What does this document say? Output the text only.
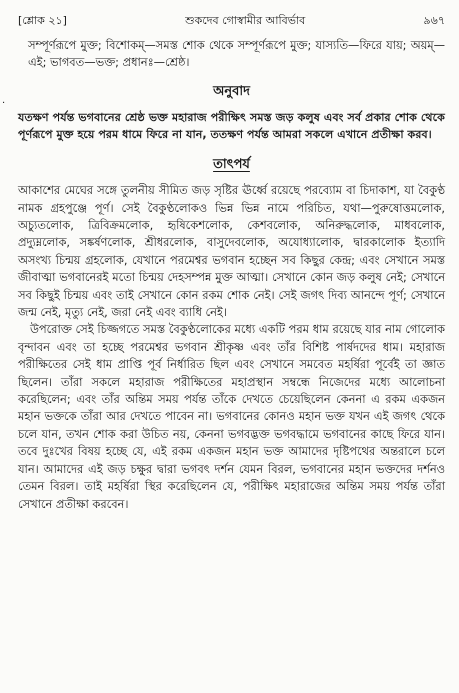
[শ্লোক ২১]	শুকদেব গোস্বামীর আবির্ভাব	৯৬৭
·

সম্পূর্ণরূপে মুক্ত; বিশোকম্—সমস্ত শোক থেকে সম্পূর্ণরূপে মুক্ত; যাস্যতি—ফিরে যায়; অয়ম্—এই; ভাগবত—ভক্ত; প্রধানঃ—শ্রেষ্ঠ।

অনুবাদ

যতক্ষণ পর্যন্ত ভগবানের শ্রেষ্ঠ ভক্ত মহারাজ পরীক্ষিৎ সমস্ত জড় কলুষ এবং সর্ব প্রকার শোক থেকে পূর্ণরূপে মুক্ত হয়ে পরম ধামে ফিরে না যান, ততক্ষণ পর্যন্ত আমরা সকলে এখানে প্রতীক্ষা করব।

তাৎপর্য

আকাশের মেঘের সঙ্গে তুলনীয় সীমিত জড় সৃষ্টির ঊর্ধ্বে রয়েছে পরব্যোম বা চিদাকাশ, যা বৈকুণ্ঠ নামক গ্রহপুঞ্জে পূর্ণ। সেই বৈকুণ্ঠলোকও ভিন্ন ভিন্ন নামে পরিচিত, যথা—পুরুষোত্তমলোক, অচ্যুতলোক, ত্রিবিক্রমলোক, হৃষিকেশলোক, কেশবলোক, অনিরুদ্ধলোক, মাধবলোক, প্রদ্যুম্নলোক, সঙ্কর্ষণলোক, শ্রীধরলোক, বাসুদেবলোক, অযোধ্যালোক, দ্বারকালোক ইত্যাদি অসংখ্য চিন্ময় গ্রহলোক, যেখানে পরমেশ্বর ভগবান হচ্ছেন সব কিছুর কেন্দ্র; এবং সেখানে সমস্ত জীবাত্মা ভগবানেরই মতো চিন্ময় দেহসম্পন্ন মুক্ত আত্মা। সেখানে কোন জড় কলুষ নেই; সেখানে সব কিছুই চিন্ময় এবং তাই সেখানে কোন রকম শোক নেই। সেই জগৎ দিব্য আনন্দে পূর্ণ; সেখানে জন্ম নেই, মৃত্যু নেই, জরা নেই এবং ব্যাধি নেই।

উপরোক্ত সেই চিজ্জগতে সমস্ত বৈকুণ্ঠলোকের মধ্যে একটি পরম ধাম রয়েছে যার নাম গোলোক বৃন্দাবন এবং তা হচ্ছে পরমেশ্বর ভগবান শ্রীকৃষ্ণ এবং তাঁর বিশিষ্ট পার্ষদদের ধাম। মহারাজ পরীক্ষিতের সেই ধাম প্রাপ্তি পূর্ব নির্ধারিত ছিল এবং সেখানে সমবেত মহর্ষিরা পূর্বেই তা জ্ঞাত ছিলেন। তাঁরা সকলে মহারাজ পরীক্ষিতের মহাপ্রস্থান সম্বন্ধে নিজেদের মধ্যে আলোচনা করেছিলেন; এবং তাঁর অন্তিম সময় পর্যন্ত তাঁকে দেখতে চেয়েছিলেন কেননা এ রকম একজন মহান ভক্তকে তাঁরা আর দেখতে পাবেন না। ভগবানের কোনও মহান ভক্ত যখন এই জগৎ থেকে চলে যান, তখন শোক করা উচিত নয়, কেননা ভগবদ্ভক্ত ভগবদ্ধামে ভগবানের কাছে ফিরে যান। তবে দুঃখের বিষয় হচ্ছে যে, এই রকম একজন মহান ভক্ত আমাদের দৃষ্টিপথের অন্তরালে চলে যান। আমাদের এই জড় চক্ষুর দ্বারা ভগবৎ দর্শন যেমন বিরল, ভগবানের মহান ভক্তদের দর্শনও তেমন বিরল। তাই মহর্ষিরা স্থির করেছিলেন যে, পরীক্ষিৎ মহারাজের অন্তিম সময় পর্যন্ত তাঁরা সেখানে প্রতীক্ষা করবেন।
